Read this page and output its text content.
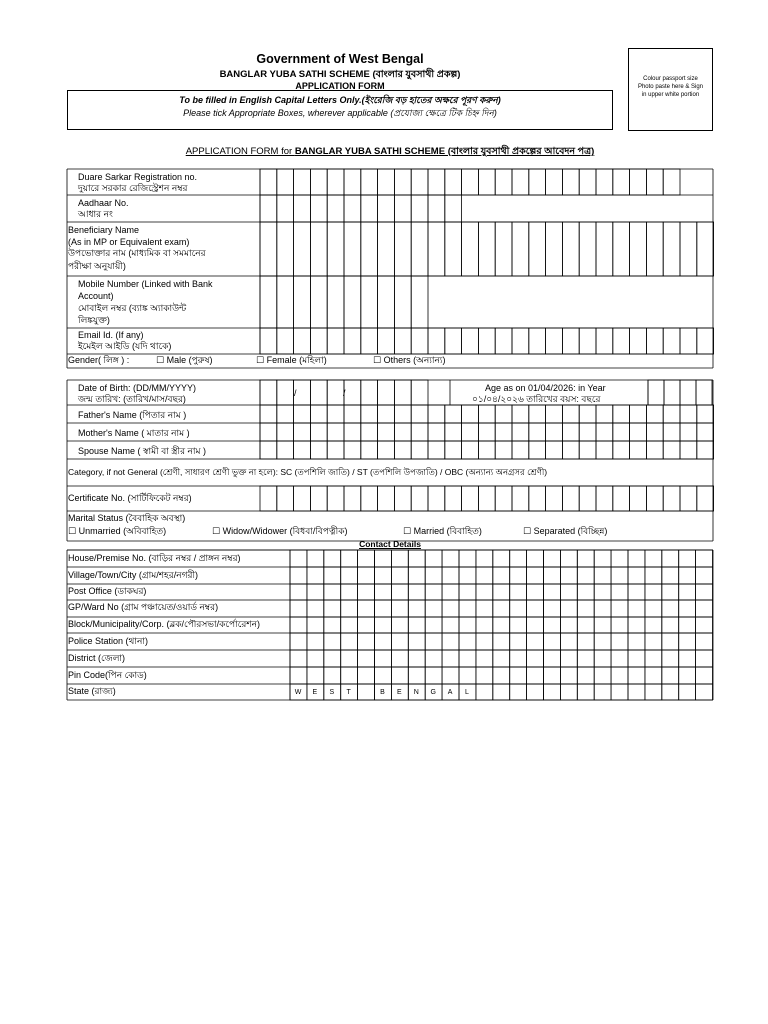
Government of West Bengal
BANGLAR YUBA SATHI SCHEME (বাংলার যুবসাথী প্রকল্প)
APPLICATION FORM
To be filled in English Capital Letters Only.(ইংরেজি বড় হাতের অক্ষরে পূরণ করুন)
Please tick Appropriate Boxes, wherever applicable (প্রযোজ্য ক্ষেত্রে টিক চিহ্ন দিন)
Colour passport size
Photo paste here & Sign
in upper white portion
APPLICATION FORM for BANGLAR YUBA SATHI SCHEME (বাংলার যুবসাথী প্রকল্পের আবেদন পত্র)
Duare Sarkar Registration no.
দুয়ারে সরকার রেজিস্ট্রেশন নম্বর
Aadhaar No.
আধার নং
Beneficiary Name
(As in MP or Equivalent exam)
উপভোক্তার নাম (মাধ্যমিক বা সমমানের
পরীক্ষা অনুযায়ী)
Mobile Number (Linked with Bank
Account)
মোবাইল নম্বর (ব্যাঙ্ক অ্যাকাউন্ট
লিঙ্কযুক্ত)
Email Id. (If any)
ইমেইল আইডি (যদি থাকে)
Gender( লিঙ্গ ) :	☐ Male (পুরুষ)	☐ Female (মহিলা)	☐ Others (অন্যান্য)
Date of Birth: (DD/MM/YYYY)
জন্ম তারিখ: (তারিখ/মাস/বছর)
/	/	Age as on 01/04/2026: in Year
০১/০৪/২০২৬ তারিখের বয়স: বছরে
Father's Name (পিতার নাম )
Mother's Name ( মাতার নাম )
Spouse Name ( স্বামী বা স্ত্রীর নাম )
Category, if not General (শ্রেণী, সাধারণ শ্রেণী ভুক্ত না হলে): SC (তপশিলি জাতি) / ST (তপশিলি উপজাতি) / OBC (অন্যান্য অনগ্রসর শ্রেণী)
Certificate No. (সার্টিফিকেট নম্বর)
Marital Status (বৈবাহিক অবস্থা)
☐ Unmarried (অবিবাহিত)	☐ Widow/Widower (বিধবা/বিপত্নীক)	☐ Married (বিবাহিত)	☐ Separated (বিচ্ছিন্ন)
Contact Details
House/Premise No. (বাড়ির নম্বর / প্রাঙ্গন নম্বর)
Village/Town/City (গ্রাম/শহর/নগরী)
Post Office (ডাকঘর)
GP/Ward No (গ্রাম পঞ্চায়েত/ওয়ার্ড নম্বর)
Block/Municipality/Corp. (ব্লক/পৌরসভা/কর্পোরেশন)
Police Station (থানা)
District (জেলা)
Pin Code(পিন কোড)
State (রাজ্য)	W	E	S	T	B	E	N	G	A	L
